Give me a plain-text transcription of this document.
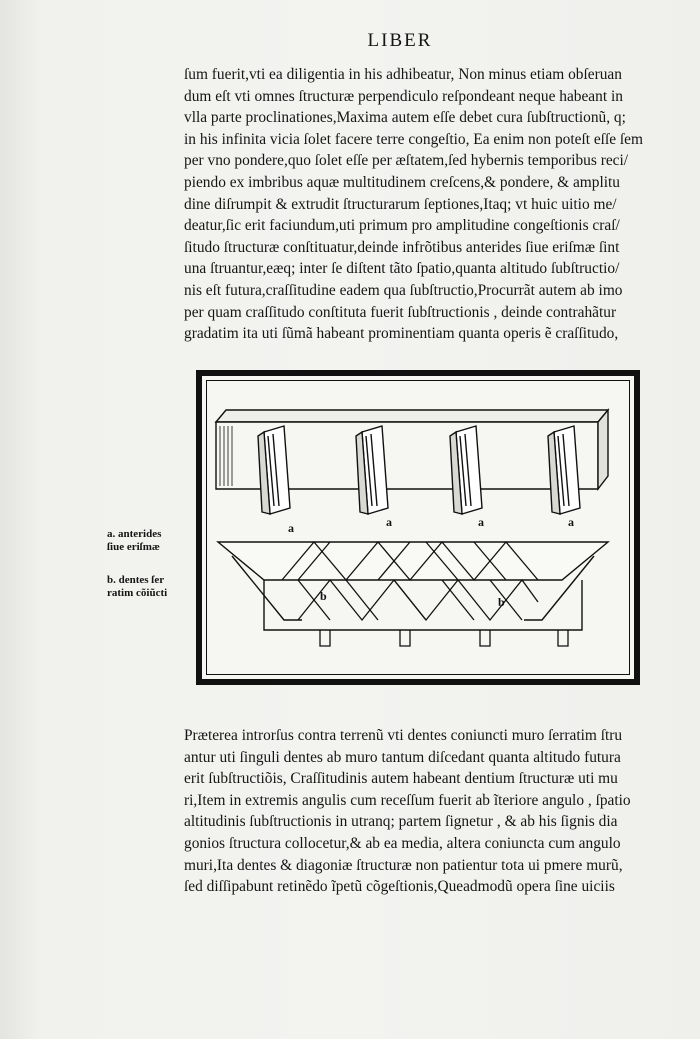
LIBER
ſum fuerit,vti ea diligentia in his adhibeatur, Non minus etiam obſeruan
dum eſt vti omnes ſtructuræ perpendiculo reſpondeant neque habeant in
vlla parte proclinationes,Maxima autem eſſe debet cura ſubſtructionũ, q;
in his infinita vicia ſolet facere terre congeſtio, Ea enim non poteſt eſſe ſem
per vno pondere,quo ſolet eſſe per æſtatem,ſed hybernis temporibus reci/
piendo ex imbribus aquæ multitudinem creſcens,& pondere, & amplitu
dine diſrumpit & extrudit ſtructurarum ſeptiones,Itaq; vt huic uitio me/
deatur,ſic erit faciundum,uti primum pro amplitudine congeſtionis craſ/
ſitudo ſtructuræ conſtituatur,deinde infrõtibus anterides ſiue eriſmæ ſint
una ſtruantur,eæq; inter ſe diſtent tãto ſpatio,quanta altitudo ſubſtructio/
nis eſt futura,craſſitudine eadem qua ſubſtructio,Procurrãt autem ab imo
per quam craſſitudo conſtituta fuerit ſubſtructionis , deinde contrahãtur
gradatim ita uti ſũmã habeant prominentiam quanta operis ẽ craſſitudo,
a	a	a	a
b	b
a. anterides
ſiue eriſmæ
b. dentes ſer
ratim cõiũcti
Præterea introrſus contra terrenũ vti dentes coniuncti muro ſerratim ſtru
antur uti ſinguli dentes ab muro tantum diſcedant quanta altitudo futura
erit ſubſtructiõis, Craſſitudinis autem habeant dentium ſtructuræ uti mu
ri,Item in extremis angulis cum receſſum fuerit ab ĩteriore angulo , ſpatio
altitudinis ſubſtructionis in utranq; partem ſignetur , & ab his ſignis dia
gonios ſtructura collocetur,& ab ea media, altera coniuncta cum angulo
muri,Ita dentes & diagoniæ ſtructuræ non patientur tota ui pmere murũ,
ſed diſſipabunt retinẽdo ĩpetũ cõgeſtionis,Queadmodũ opera ſine uiciis
